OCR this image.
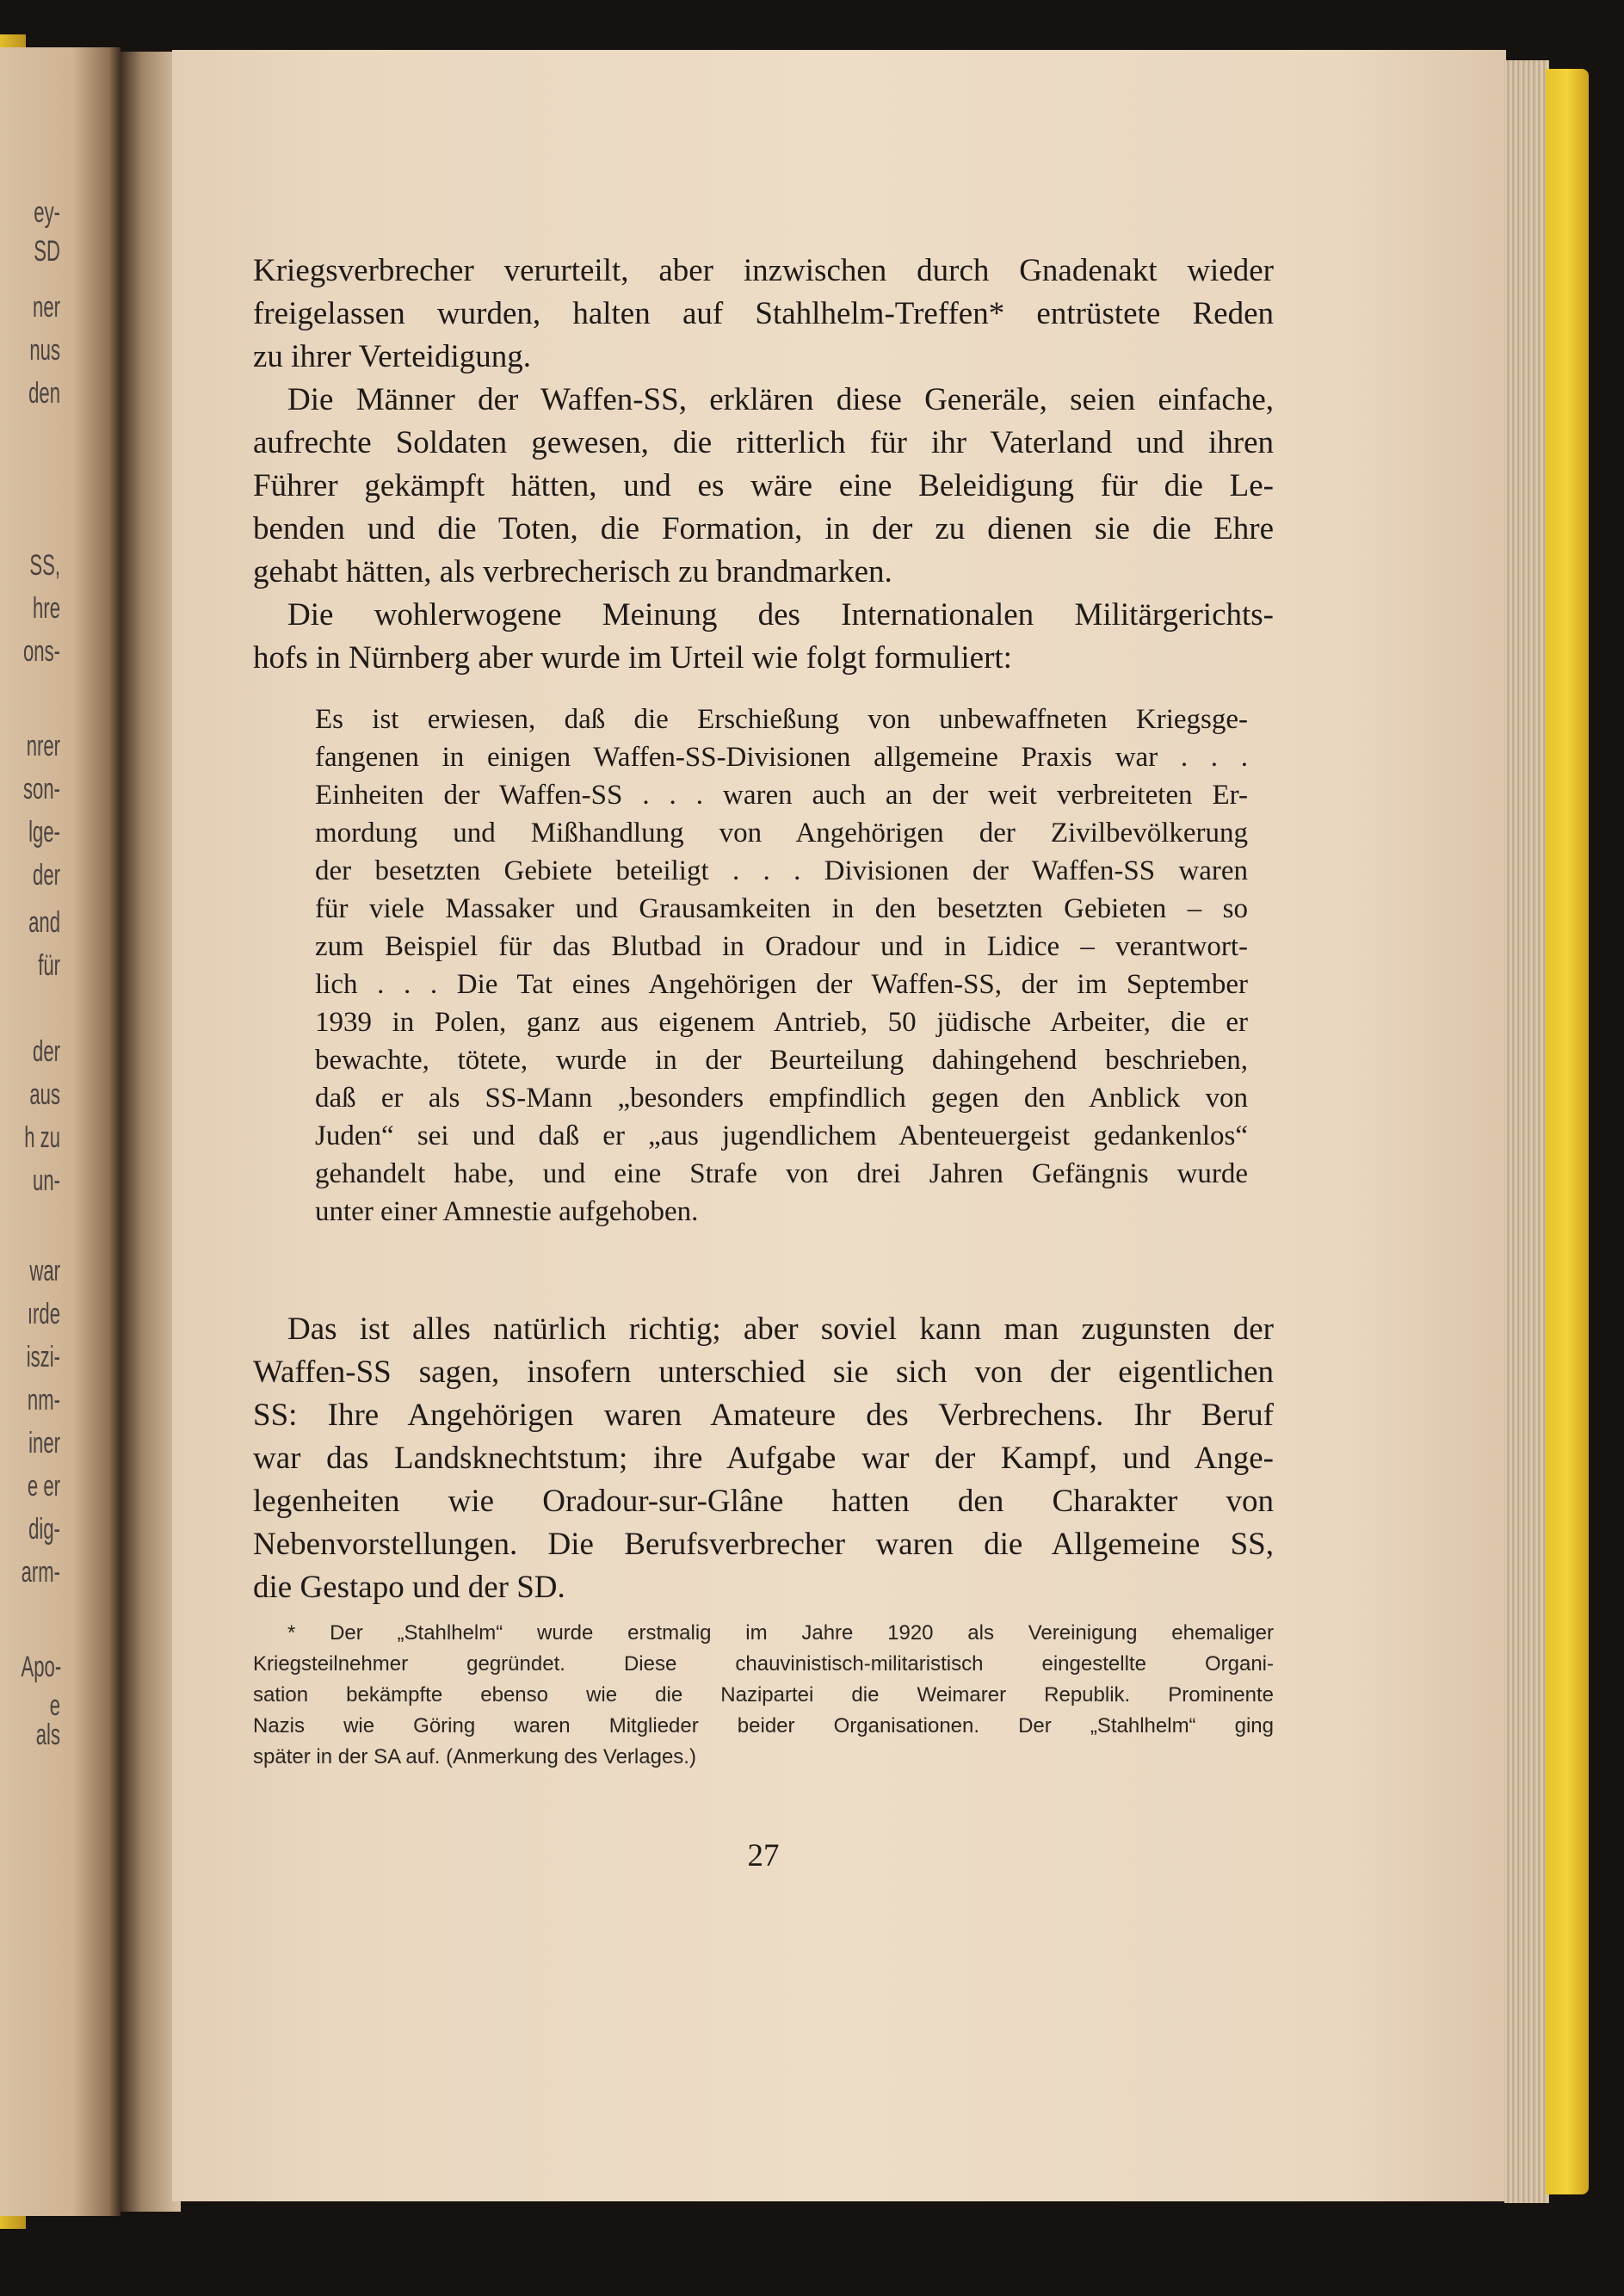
ey-
SD
ner
nus
den
SS,
hre
ons-
nrer
son-
lge-
der
and
für
der
aus
h zu
un-
war
ırde
iszi-
nm-
iner
e er
dig-
arm-
Apo-
e als

Kriegsverbrecher verurteilt, aber inzwischen durch Gnadenakt wieder
freigelassen wurden, halten auf Stahlhelm-Treffen* entrüstete Reden
zu ihrer Verteidigung.

Die Männer der Waffen-SS, erklären diese Generäle, seien einfache,
aufrechte Soldaten gewesen, die ritterlich für ihr Vaterland und ihren
Führer gekämpft hätten, und es wäre eine Beleidigung für die Le-
benden und die Toten, die Formation, in der zu dienen sie die Ehre
gehabt hätten, als verbrecherisch zu brandmarken.

Die wohlerwogene Meinung des Internationalen Militärgerichts-
hofs in Nürnberg aber wurde im Urteil wie folgt formuliert:

Es ist erwiesen, daß die Erschießung von unbewaffneten Kriegsge-
fangenen in einigen Waffen-SS-Divisionen allgemeine Praxis war . . .
Einheiten der Waffen-SS . . . waren auch an der weit verbreiteten Er-
mordung und Mißhandlung von Angehörigen der Zivilbevölkerung
der besetzten Gebiete beteiligt . . . Divisionen der Waffen-SS waren
für viele Massaker und Grausamkeiten in den besetzten Gebieten – so
zum Beispiel für das Blutbad in Oradour und in Lidice – verantwort-
lich . . . Die Tat eines Angehörigen der Waffen-SS, der im September
1939 in Polen, ganz aus eigenem Antrieb, 50 jüdische Arbeiter, die er
bewachte, tötete, wurde in der Beurteilung dahingehend beschrieben,
daß er als SS-Mann „besonders empfindlich gegen den Anblick von
Juden“ sei und daß er „aus jugendlichem Abenteuergeist gedankenlos“
gehandelt habe, und eine Strafe von drei Jahren Gefängnis wurde
unter einer Amnestie aufgehoben.

Das ist alles natürlich richtig; aber soviel kann man zugunsten der
Waffen-SS sagen, insofern unterschied sie sich von der eigentlichen
SS: Ihre Angehörigen waren Amateure des Verbrechens. Ihr Beruf
war das Landsknechtstum; ihre Aufgabe war der Kampf, und Ange-
legenheiten wie Oradour-sur-Glâne hatten den Charakter von
Nebenvorstellungen. Die Berufsverbrecher waren die Allgemeine SS,
die Gestapo und der SD.

* Der „Stahlhelm“ wurde erstmalig im Jahre 1920 als Vereinigung ehemaliger
Kriegsteilnehmer gegründet. Diese chauvinistisch-militaristisch eingestellte Organi-
sation bekämpfte ebenso wie die Nazipartei die Weimarer Republik. Prominente
Nazis wie Göring waren Mitglieder beider Organisationen. Der „Stahlhelm“ ging
später in der SA auf. (Anmerkung des Verlages.)

27
